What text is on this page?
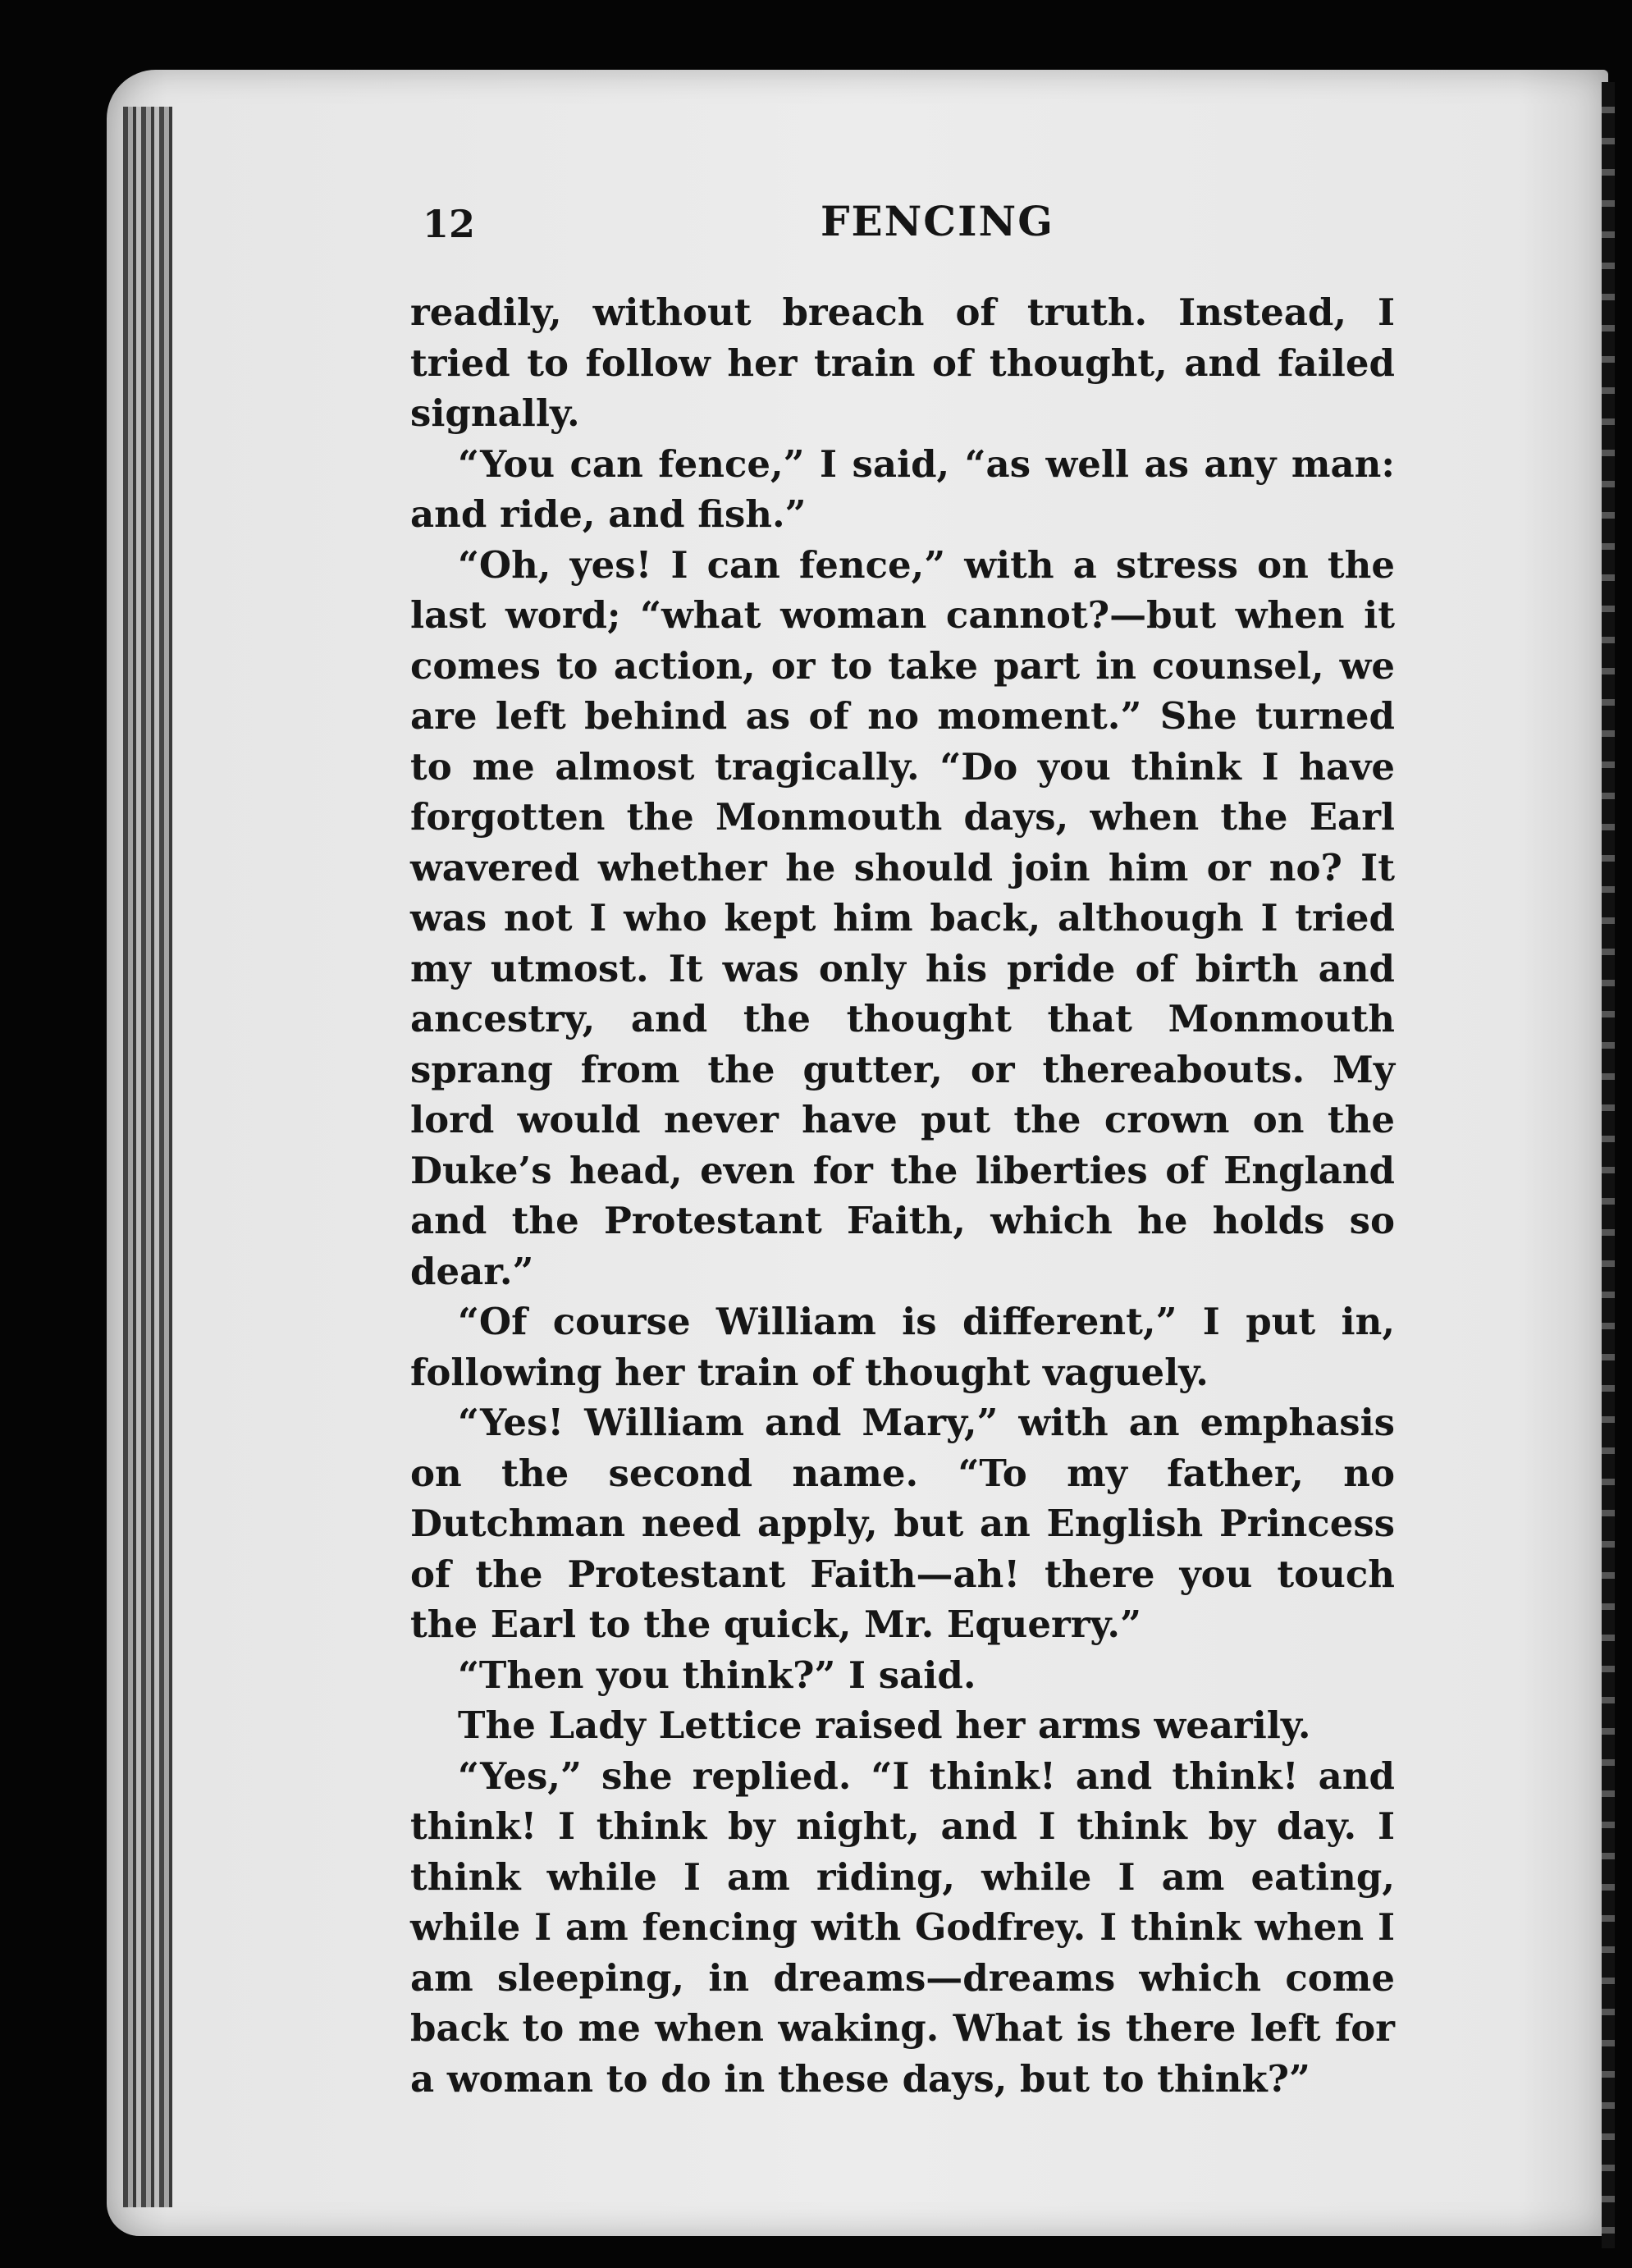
12	FENCING

readily, without breach of truth. Instead, I tried to follow her train of thought, and failed signally.

“You can fence,” I said, “as well as any man: and ride, and fish.”

“Oh, yes! I can fence,” with a stress on the last word; “what woman cannot?—but when it comes to action, or to take part in counsel, we are left behind as of no moment.” She turned to me almost tragically. “Do you think I have forgotten the Monmouth days, when the Earl wavered whether he should join him or no? It was not I who kept him back, although I tried my utmost. It was only his pride of birth and ancestry, and the thought that Monmouth sprang from the gutter, or thereabouts. My lord would never have put the crown on the Duke’s head, even for the liberties of England and the Protestant Faith, which he holds so dear.”

“Of course William is different,” I put in, following her train of thought vaguely.

“Yes! William and Mary,” with an emphasis on the second name. “To my father, no Dutchman need apply, but an English Princess of the Protestant Faith—ah! there you touch the Earl to the quick, Mr. Equerry.”

“Then you think?” I said.

The Lady Lettice raised her arms wearily.

“Yes,” she replied. “I think! and think! and think! I think by night, and I think by day. I think while I am riding, while I am eating, while I am fencing with Godfrey. I think when I am sleeping, in dreams—dreams which come back to me when waking. What is there left for a woman to do in these days, but to think?”
